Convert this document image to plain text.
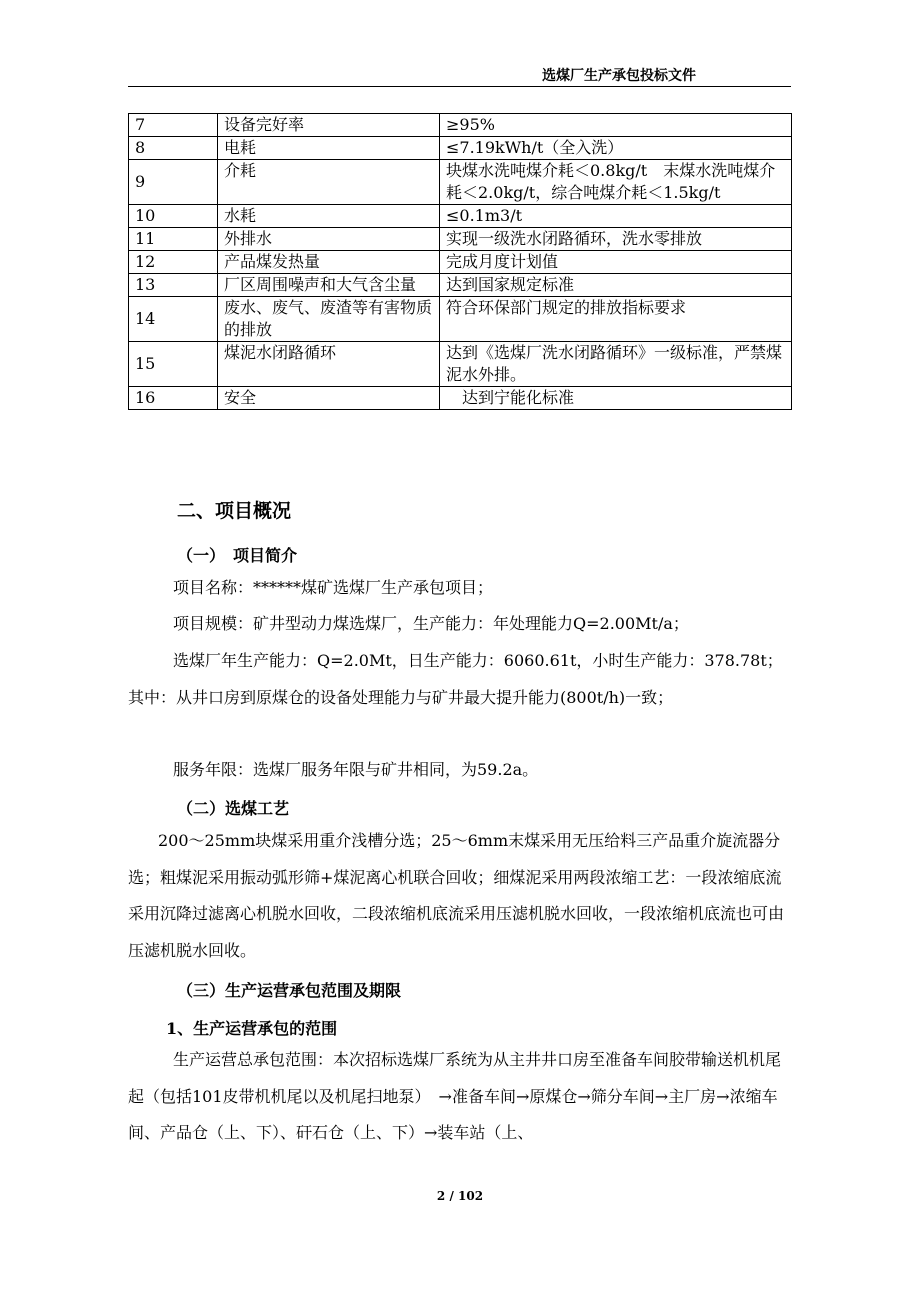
选煤厂生产承包投标文件
7	设备完好率	≥95%
8	电耗	≤7.19kWh/t（全入洗）
9	介耗	块煤水洗吨煤介耗＜0.8kg/t　末煤水洗吨煤介耗＜2.0kg/t，综合吨煤介耗＜1.5kg/t
10	水耗	≤0.1m3/t
11	外排水	实现一级洗水闭路循环，洗水零排放
12	产品煤发热量	完成月度计划值
13	厂区周围噪声和大气含尘量	达到国家规定标准
14	废水、废气、废渣等有害物质的排放	符合环保部门规定的排放指标要求
15	煤泥水闭路循环	达到《选煤厂洗水闭路循环》一级标准，严禁煤泥水外排。
16	安全	　达到宁能化标准
二、项目概况
（一）　项目简介
项目名称：******煤矿选煤厂生产承包项目；
项目规模：矿井型动力煤选煤厂，生产能力：年处理能力Q=2.00Mt/a；
选煤厂年生产能力：Q=2.0Mt，日生产能力：6060.61t，小时生产能力：378.78t；　其中：从井口房到原煤仓的设备处理能力与矿井最大提升能力(800t/h)一致；
服务年限：选煤厂服务年限与矿井相同，为59.2a。
（二）选煤工艺
200～25mm块煤采用重介浅槽分选；25～6mm末煤采用无压给料三产品重介旋流器分选；粗煤泥采用振动弧形筛+煤泥离心机联合回收；细煤泥采用两段浓缩工艺：一段浓缩底流采用沉降过滤离心机脱水回收，二段浓缩机底流采用压滤机脱水回收，一段浓缩机底流也可由压滤机脱水回收。
（三）生产运营承包范围及期限
1、生产运营承包的范围
生产运营总承包范围：本次招标选煤厂系统为从主井井口房至准备车间胶带输送机机尾起（包括101皮带机机尾以及机尾扫地泵）　→准备车间→原煤仓→筛分车间→主厂房→浓缩车间、产品仓（上、下）、矸石仓（上、下）→装车站（上、
2 / 102
